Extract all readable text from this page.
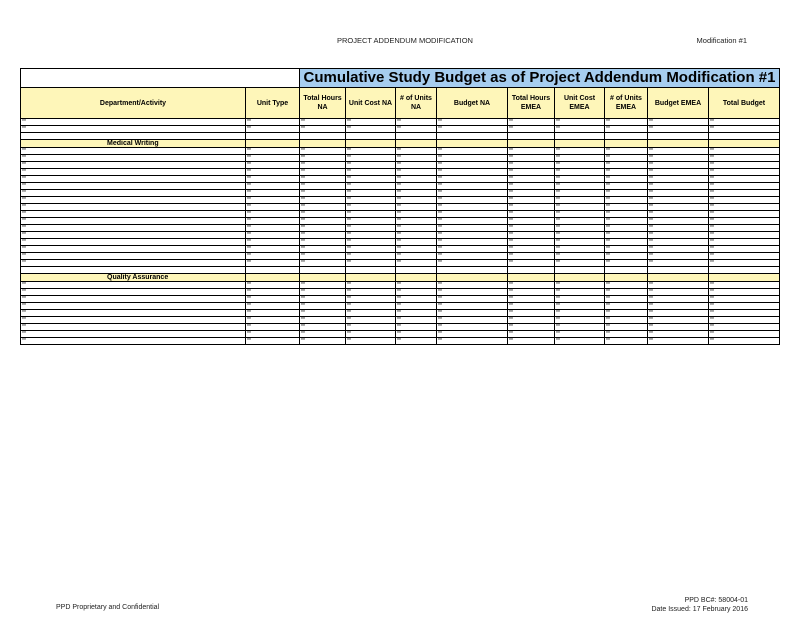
PROJECT ADDENDUM MODIFICATION	Modification #1
		Cumulative Study Budget as of Project Addendum Modification #1								
Department/Activity	Unit Type	Total Hours NA	Unit Cost NA	# of Units NA	Budget NA	Total Hours EMEA	Unit Cost EMEA	# of Units EMEA	Budget EMEA	Total Budget
**	**	**	**	**	**	**	**	**	**	**
**	**	**	**	**	**	**	**	**	**	**

Medical Writing										
**	**	**	**	**	**	**	**	**	**	**
**	**	**	**	**	**	**	**	**	**	**
**	**	**	**	**	**	**	**	**	**	**
**	**	**	**	**	**	**	**	**	**	**
**	**	**	**	**	**	**	**	**	**	**
**	**	**	**	**	**	**	**	**	**	**
**	**	**	**	**	**	**	**	**	**	**
**	**	**	**	**	**	**	**	**	**	**
**	**	**	**	**	**	**	**	**	**	**
**	**	**	**	**	**	**	**	**	**	**
**	**	**	**	**	**	**	**	**	**	**
**	**	**	**	**	**	**	**	**	**	**
**	**	**	**	**	**	**	**	**	**	**
**	**	**	**	**	**	**	**	**	**	**
**	**	**	**	**	**	**	**	**	**	**
**	**	**	**	**	**	**	**	**	**	**
**	**	**	**	**	**	**	**	**	**	**

Quality Assurance										
**	**	**	**	**	**	**	**	**	**	**
**	**	**	**	**	**	**	**	**	**	**
**	**	**	**	**	**	**	**	**	**	**
**	**	**	**	**	**	**	**	**	**	**
**	**	**	**	**	**	**	**	**	**	**
**	**	**	**	**	**	**	**	**	**	**
**	**	**	**	**	**	**	**	**	**	**
**	**	**	**	**	**	**	**	**	**	**
**	**	**	**	**	**	**	**	**	**	**
PPD Proprietary and Confidential
PPD BC#: 58004-01
Date Issued: 17 February 2016
